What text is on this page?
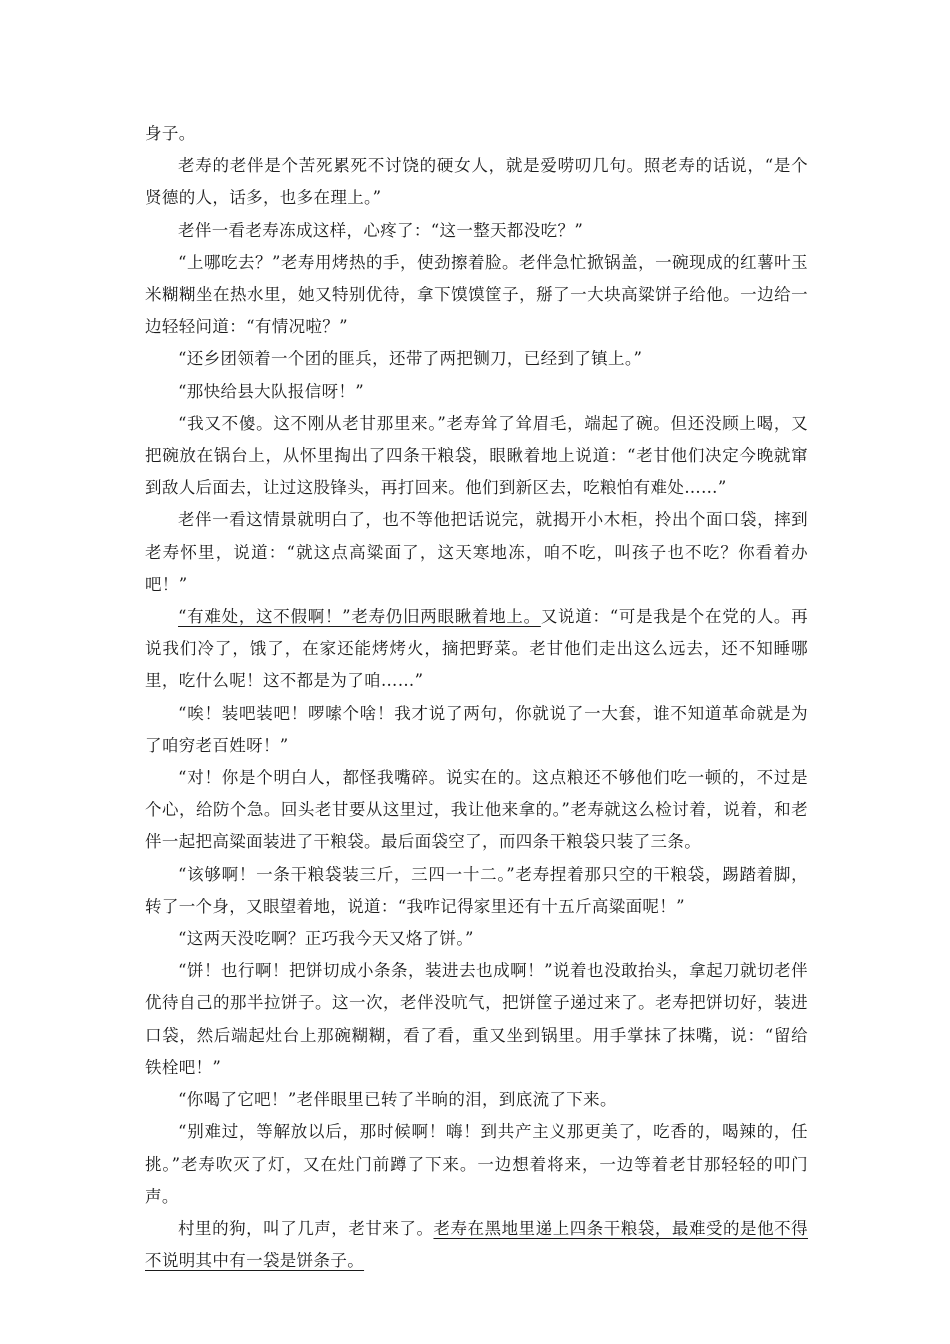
身子。

老寿的老伴是个苦死累死不讨饶的硬女人，就是爱唠叨几句。照老寿的话说，“是个贤德的人，话多，也多在理上。”

老伴一看老寿冻成这样，心疼了：“这一整天都没吃？”

“上哪吃去？”老寿用烤热的手，使劲擦着脸。老伴急忙掀锅盖，一碗现成的红薯叶玉米糊糊坐在热水里，她又特别优待，拿下馍馍筐子，掰了一大块高粱饼子给他。一边给一边轻轻问道：“有情况啦？”

“还乡团领着一个团的匪兵，还带了两把铡刀，已经到了镇上。”

“那快给县大队报信呀！”

“我又不傻。这不刚从老甘那里来。”老寿耸了耸眉毛，端起了碗。但还没顾上喝，又把碗放在锅台上，从怀里掏出了四条干粮袋，眼瞅着地上说道：“老甘他们决定今晚就窜到敌人后面去，让过这股锋头，再打回来。他们到新区去，吃粮怕有难处……”

老伴一看这情景就明白了，也不等他把话说完，就揭开小木柜，拎出个面口袋，摔到老寿怀里，说道：“就这点高粱面了，这天寒地冻，咱不吃，叫孩子也不吃？你看着办吧！”

“有难处，这不假啊！”老寿仍旧两眼瞅着地上。又说道：“可是我是个在党的人。再说我们冷了，饿了，在家还能烤烤火，摘把野菜。老甘他们走出这么远去，还不知睡哪里，吃什么呢！这不都是为了咱……”

“唉！装吧装吧！啰嗦个啥！我才说了两句，你就说了一大套，谁不知道革命就是为了咱穷老百姓呀！”

“对！你是个明白人，都怪我嘴碎。说实在的。这点粮还不够他们吃一顿的，不过是个心，给防个急。回头老甘要从这里过，我让他来拿的。”老寿就这么检讨着，说着，和老伴一起把高粱面装进了干粮袋。最后面袋空了，而四条干粮袋只装了三条。

“该够啊！一条干粮袋装三斤，三四一十二。”老寿捏着那只空的干粮袋，踢踏着脚，转了一个身，又眼望着地，说道：“我咋记得家里还有十五斤高粱面呢！”

“这两天没吃啊？正巧我今天又烙了饼。”

“饼！也行啊！把饼切成小条条，装进去也成啊！”说着也没敢抬头，拿起刀就切老伴优待自己的那半拉饼子。这一次，老伴没吭气，把饼筐子递过来了。老寿把饼切好，装进口袋，然后端起灶台上那碗糊糊，看了看，重又坐到锅里。用手掌抹了抹嘴，说：“留给铁栓吧！”

“你喝了它吧！”老伴眼里已转了半晌的泪，到底流了下来。

“别难过，等解放以后，那时候啊！嗨！到共产主义那更美了，吃香的，喝辣的，任挑。”老寿吹灭了灯，又在灶门前蹲了下来。一边想着将来，一边等着老甘那轻轻的叩门声。

村里的狗，叫了几声，老甘来了。老寿在黑地里递上四条干粮袋，最难受的是他不得不说明其中有一袋是饼条子。
